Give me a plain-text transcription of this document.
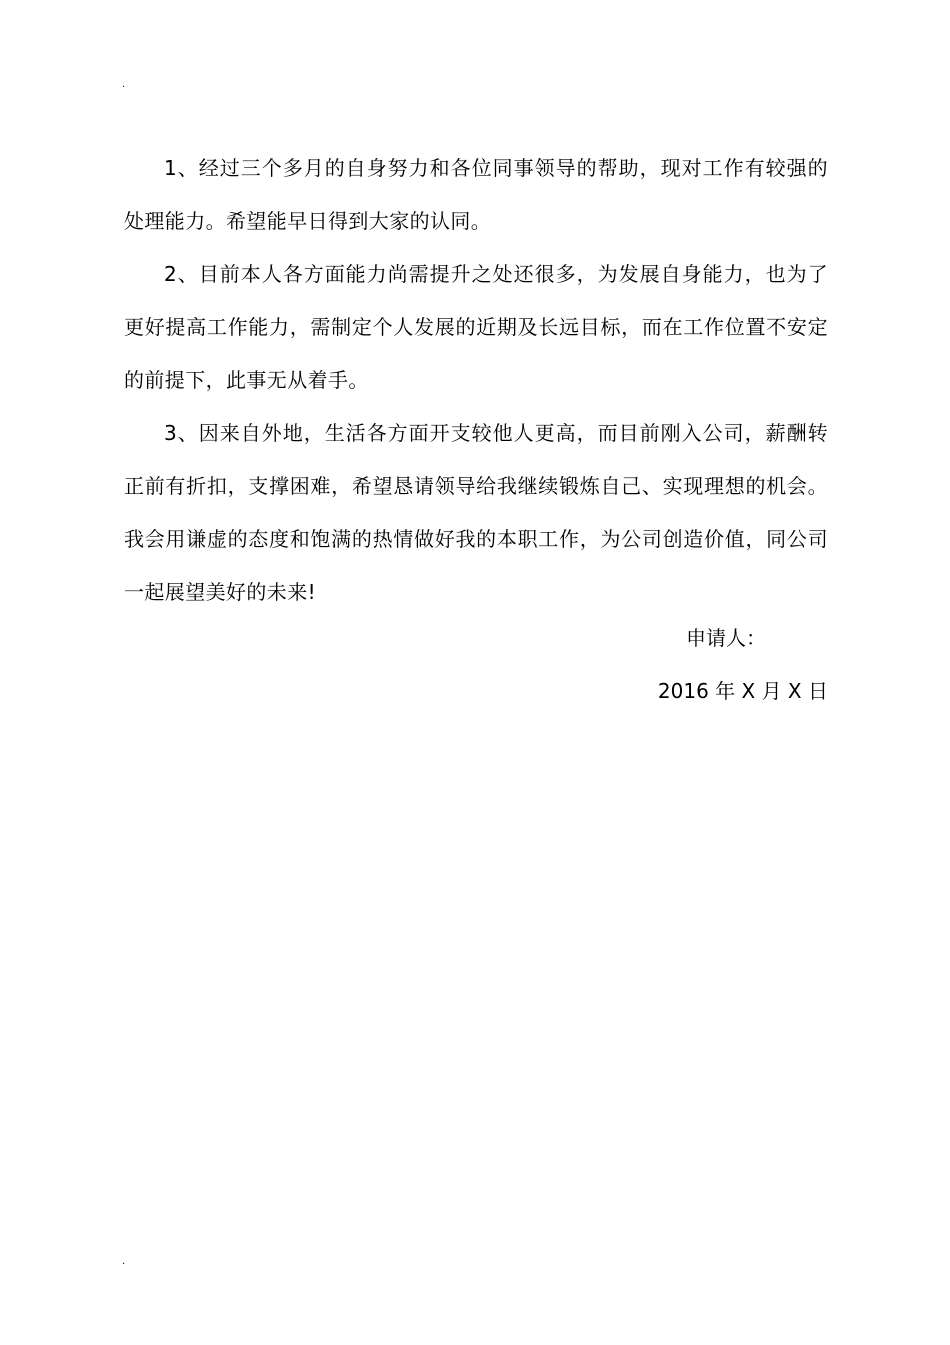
.

1、经过三个多月的自身努力和各位同事领导的帮助，现对工作有较强的处理能力。希望能早日得到大家的认同。

2、目前本人各方面能力尚需提升之处还很多，为发展自身能力，也为了更好提高工作能力，需制定个人发展的近期及长远目标，而在工作位置不安定的前提下，此事无从着手。

3、因来自外地，生活各方面开支较他人更高，而目前刚入公司，薪酬转正前有折扣，支撑困难，希望恳请领导给我继续锻炼自己、实现理想的机会。我会用谦虚的态度和饱满的热情做好我的本职工作，为公司创造价值，同公司一起展望美好的未来!

申请人：
2016 年 X 月 X 日
.
